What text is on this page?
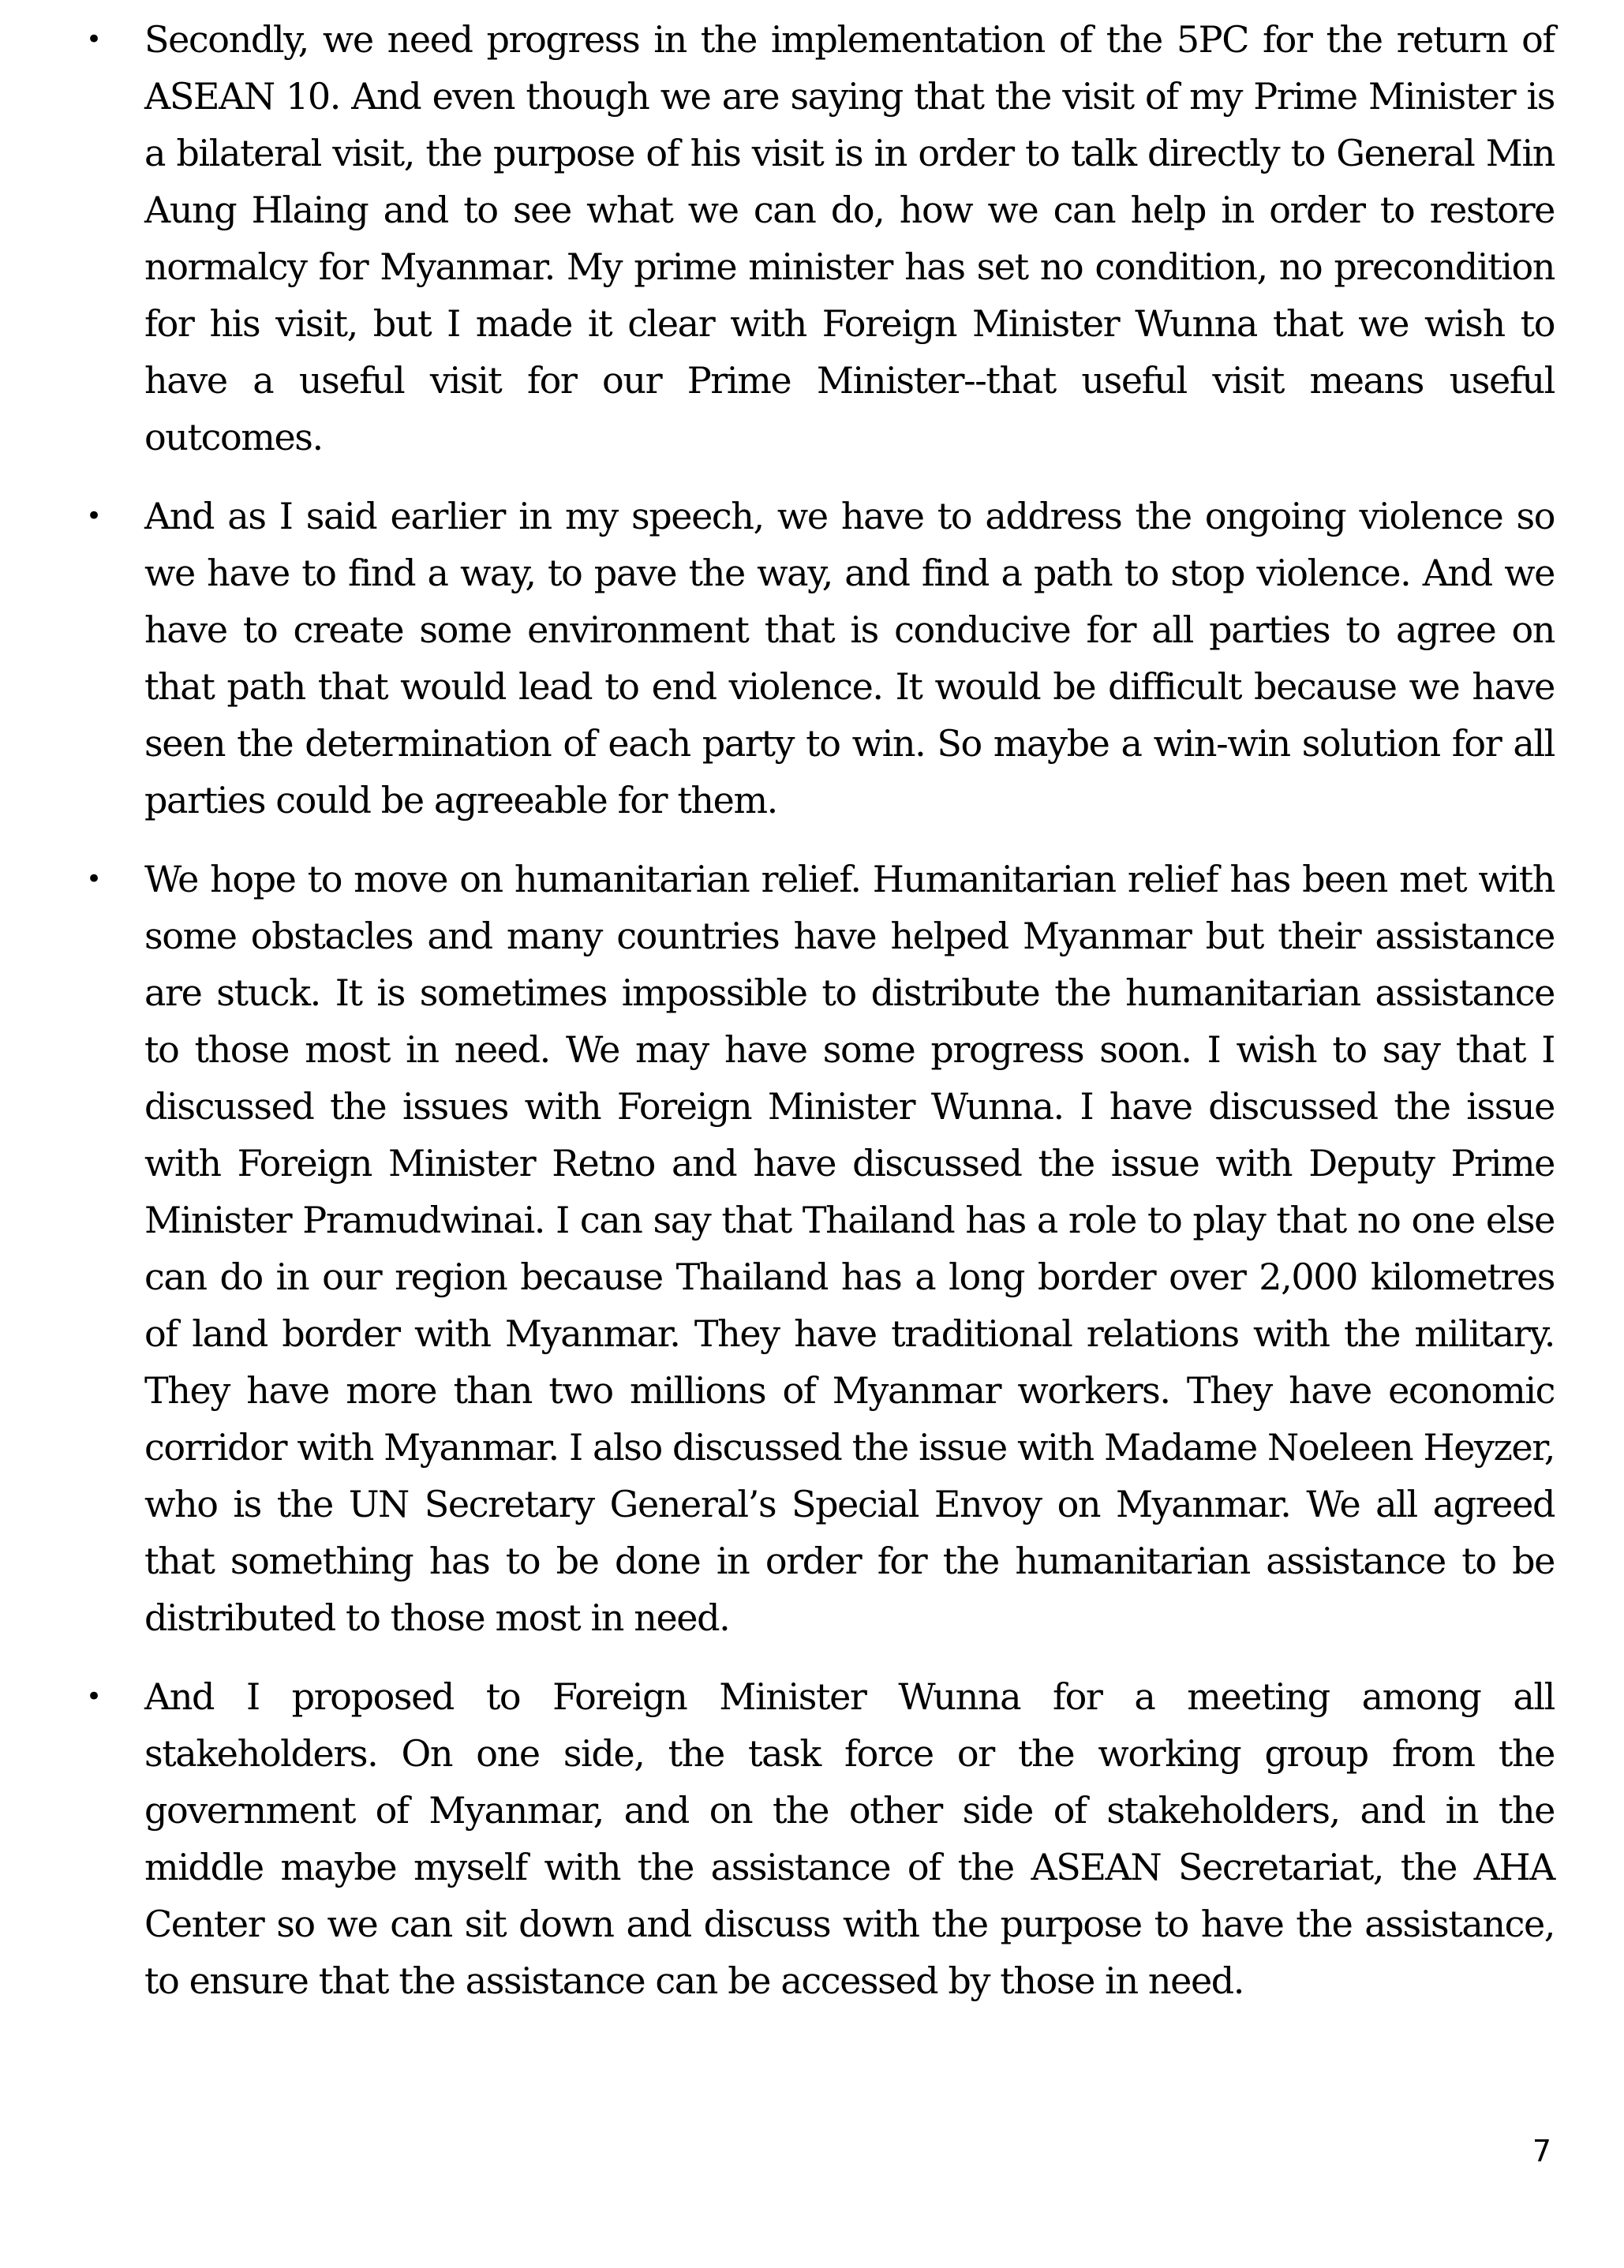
• Secondly, we need progress in the implementation of the 5PC for the return of ASEAN 10. And even though we are saying that the visit of my Prime Minister is a bilateral visit, the purpose of his visit is in order to talk directly to General Min Aung Hlaing and to see what we can do, how we can help in order to restore normalcy for Myanmar. My prime minister has set no condition, no precondition for his visit, but I made it clear with Foreign Minister Wunna that we wish to have a useful visit for our Prime Minister--that useful visit means useful outcomes.

• And as I said earlier in my speech, we have to address the ongoing violence so we have to find a way, to pave the way, and find a path to stop violence. And we have to create some environment that is conducive for all parties to agree on that path that would lead to end violence. It would be difficult because we have seen the determination of each party to win. So maybe a win-win solution for all parties could be agreeable for them.

• We hope to move on humanitarian relief. Humanitarian relief has been met with some obstacles and many countries have helped Myanmar but their assistance are stuck. It is sometimes impossible to distribute the humanitarian assistance to those most in need. We may have some progress soon. I wish to say that I discussed the issues with Foreign Minister Wunna. I have discussed the issue with Foreign Minister Retno and have discussed the issue with Deputy Prime Minister Pramudwinai. I can say that Thailand has a role to play that no one else can do in our region because Thailand has a long border over 2,000 kilometres of land border with Myanmar. They have traditional relations with the military. They have more than two millions of Myanmar workers. They have economic corridor with Myanmar. I also discussed the issue with Madame Noeleen Heyzer, who is the UN Secretary General’s Special Envoy on Myanmar. We all agreed that something has to be done in order for the humanitarian assistance to be distributed to those most in need.

• And I proposed to Foreign Minister Wunna for a meeting among all stakeholders. On one side, the task force or the working group from the government of Myanmar, and on the other side of stakeholders, and in the middle maybe myself with the assistance of the ASEAN Secretariat, the AHA Center so we can sit down and discuss with the purpose to have the assistance, to ensure that the assistance can be accessed by those in need.

7
